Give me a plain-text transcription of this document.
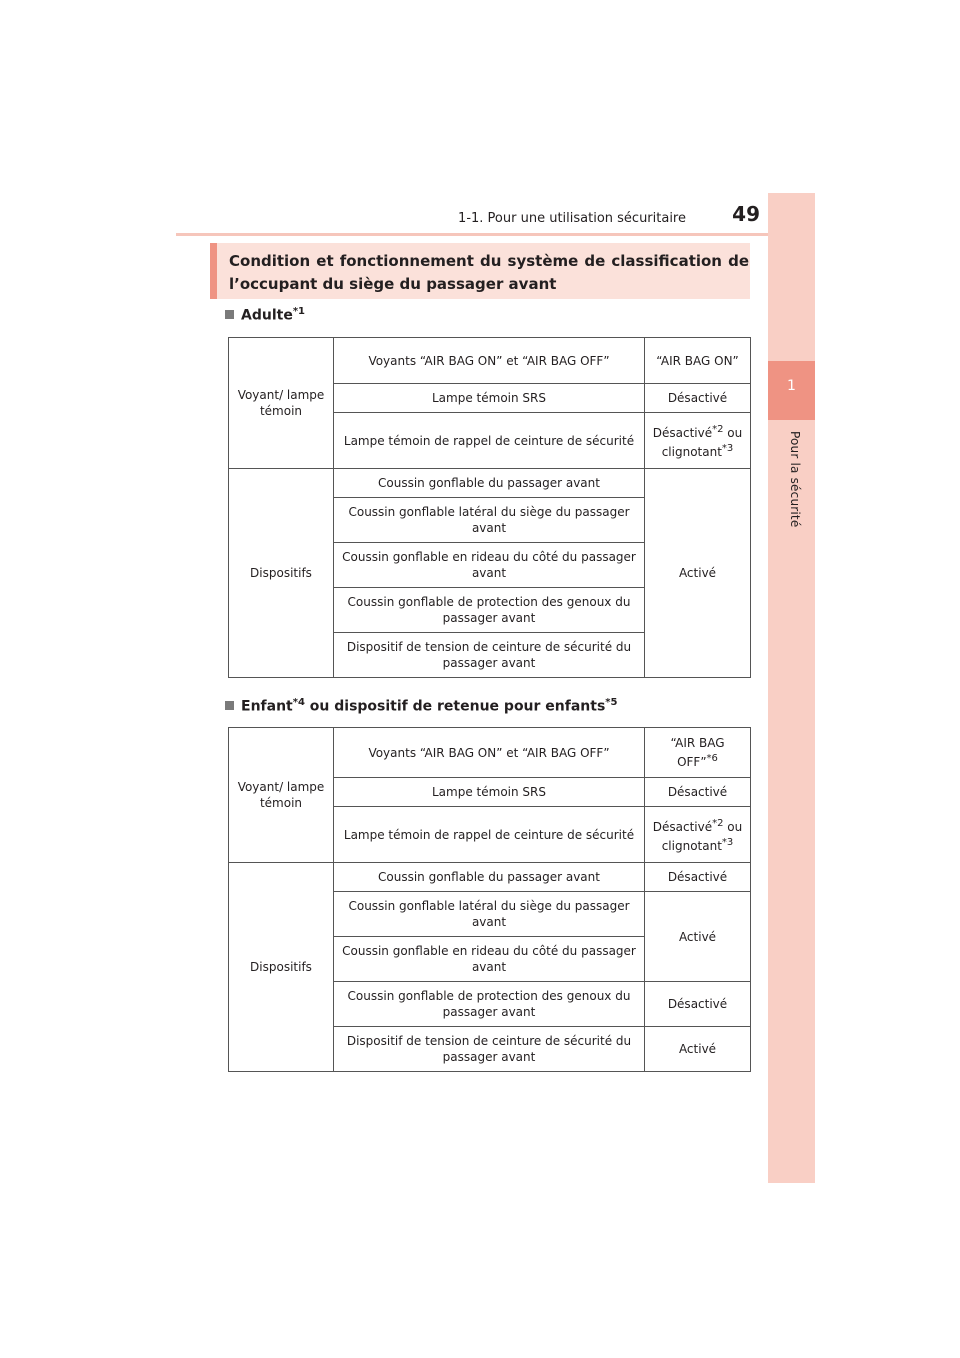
1-1. Pour une utilisation sécuritaire 49
1
Pour la sécurité
Condition et fonctionnement du système de classification de l’occupant du siège du passager avant
Adulte$^{*1}$
Voyant/ lampe témoin	Voyants “AIR BAG ON” et “AIR BAG OFF”	“AIR BAG ON”
	Lampe témoin SRS	Désactivé
	Lampe témoin de rappel de ceinture de sécurité	Désactivé$^{*2}$ ou clignotant$^{*3}$
Dispositifs	Coussin gonflable du passager avant	Activé
	Coussin gonflable latéral du siège du passager avant	
	Coussin gonflable en rideau du côté du passager avant	
	Coussin gonflable de protection des genoux du passager avant	
	Dispositif de tension de ceinture de sécurité du passager avant	
Enfant$^{*4}$ ou dispositif de retenue pour enfants$^{*5}$
Voyant/ lampe témoin	Voyants “AIR BAG ON” et “AIR BAG OFF”	“AIR BAG OFF”$^{*6}$
	Lampe témoin SRS	Désactivé
	Lampe témoin de rappel de ceinture de sécurité	Désactivé$^{*2}$ ou clignotant$^{*3}$
Dispositifs	Coussin gonflable du passager avant	Désactivé
	Coussin gonflable latéral du siège du passager avant	Activé
	Coussin gonflable en rideau du côté du passager avant	
	Coussin gonflable de protection des genoux du passager avant	Désactivé
	Dispositif de tension de ceinture de sécurité du passager avant	Activé
